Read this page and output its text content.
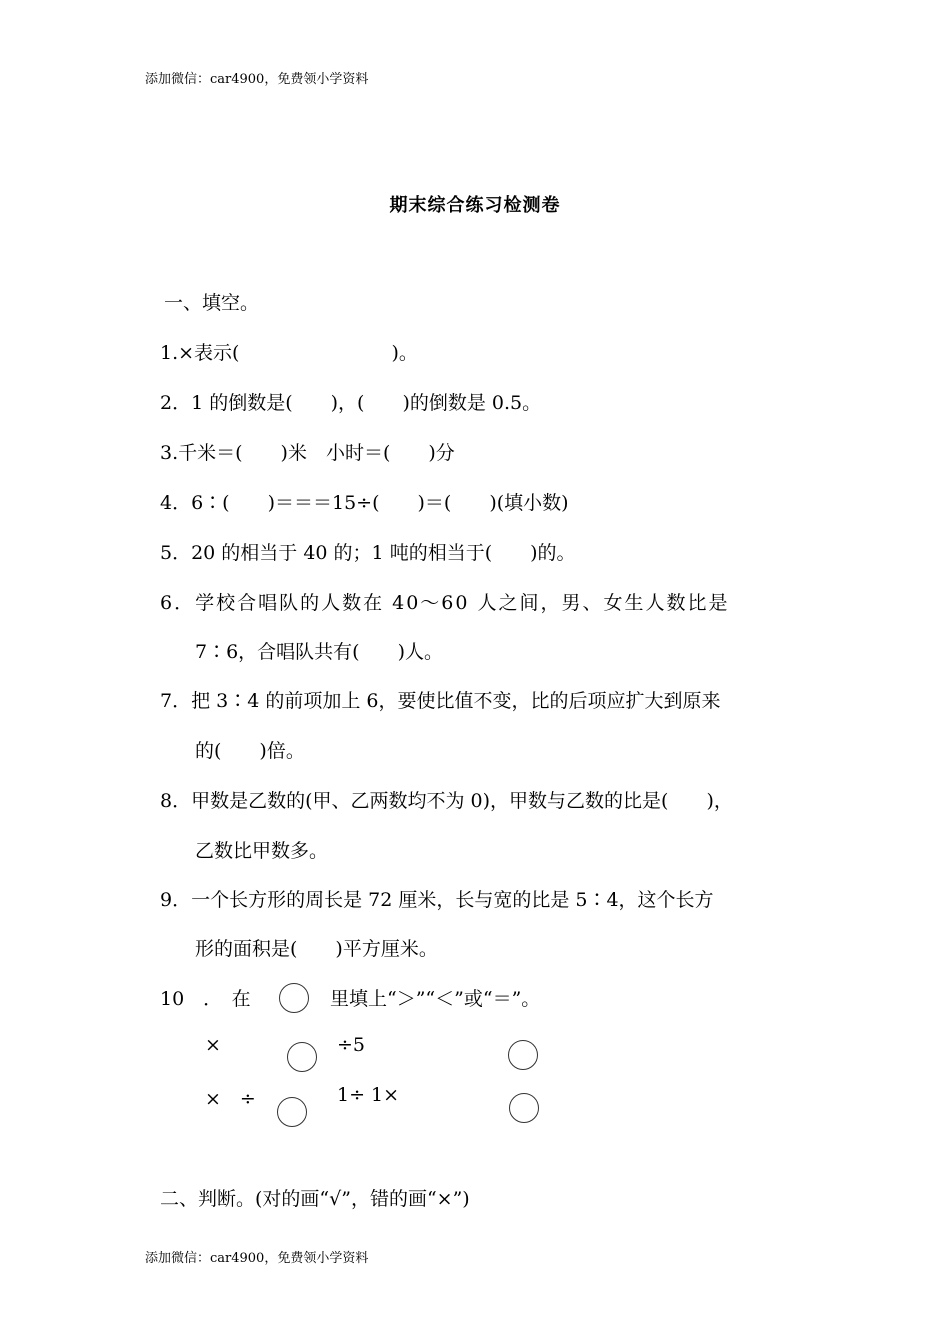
添加微信：car4900，免费领小学资料
期末综合练习检测卷
一、填空。
1.×表示(　　　　　　　　)。
2．1 的倒数是(　　)，(　　)的倒数是 0.5。
3.千米＝(　　)米　小时＝(　　)分
4．6∶(　　)＝＝＝15÷(　　)＝(　　)(填小数)
5．20 的相当于 40 的；1 吨的相当于(　　)的。
6．学校合唱队的人数在 40～60 人之间，男、女生人数比是
7∶6，合唱队共有(　　)人。
7．把 3∶4 的前项加上 6，要使比值不变，比的后项应扩大到原来
的(　　)倍。
8．甲数是乙数的(甲、乙两数均不为 0)，甲数与乙数的比是(　　)，
乙数比甲数多。
9．一个长方形的周长是 72 厘米，长与宽的比是 5∶4，这个长方
形的面积是(　　)平方厘米。
10　．　在	里填上“＞”“＜”或“＝”。
×	÷5
×　÷	1÷ 1×
二、判断。(对的画“√”，错的画“×”)
添加微信：car4900，免费领小学资料
